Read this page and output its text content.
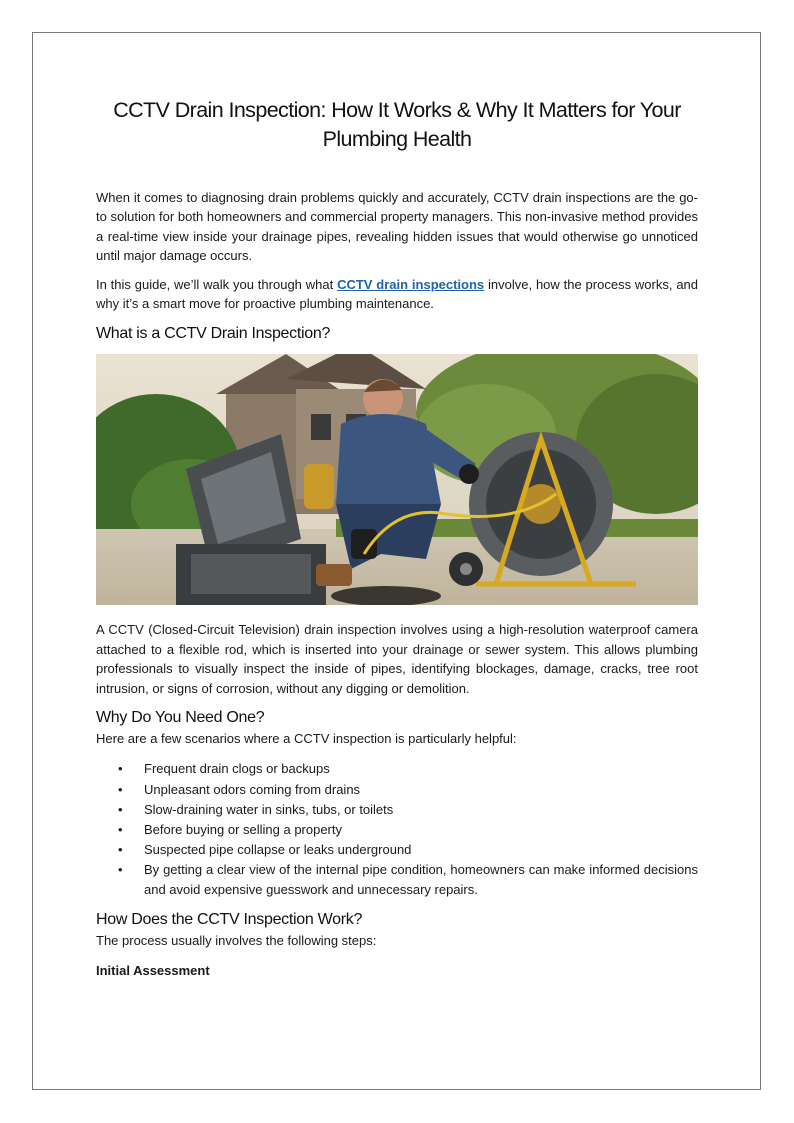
CCTV Drain Inspection: How It Works & Why It Matters for Your Plumbing Health

When it comes to diagnosing drain problems quickly and accurately, CCTV drain inspections are the go-to solution for both homeowners and commercial property managers. This non-invasive method provides a real-time view inside your drainage pipes, revealing hidden issues that would otherwise go unnoticed until major damage occurs.

In this guide, we’ll walk you through what CCTV drain inspections involve, how the process works, and why it’s a smart move for proactive plumbing maintenance.

What is a CCTV Drain Inspection?

A CCTV (Closed-Circuit Television) drain inspection involves using a high-resolution waterproof camera attached to a flexible rod, which is inserted into your drainage or sewer system. This allows plumbing professionals to visually inspect the inside of pipes, identifying blockages, damage, cracks, tree root intrusion, or signs of corrosion, without any digging or demolition.

Why Do You Need One?

Here are a few scenarios where a CCTV inspection is particularly helpful:

• Frequent drain clogs or backups
• Unpleasant odors coming from drains
• Slow-draining water in sinks, tubs, or toilets
• Before buying or selling a property
• Suspected pipe collapse or leaks underground
• By getting a clear view of the internal pipe condition, homeowners can make informed decisions and avoid expensive guesswork and unnecessary repairs.
How Does the CCTV Inspection Work?

The process usually involves the following steps:

Initial Assessment
